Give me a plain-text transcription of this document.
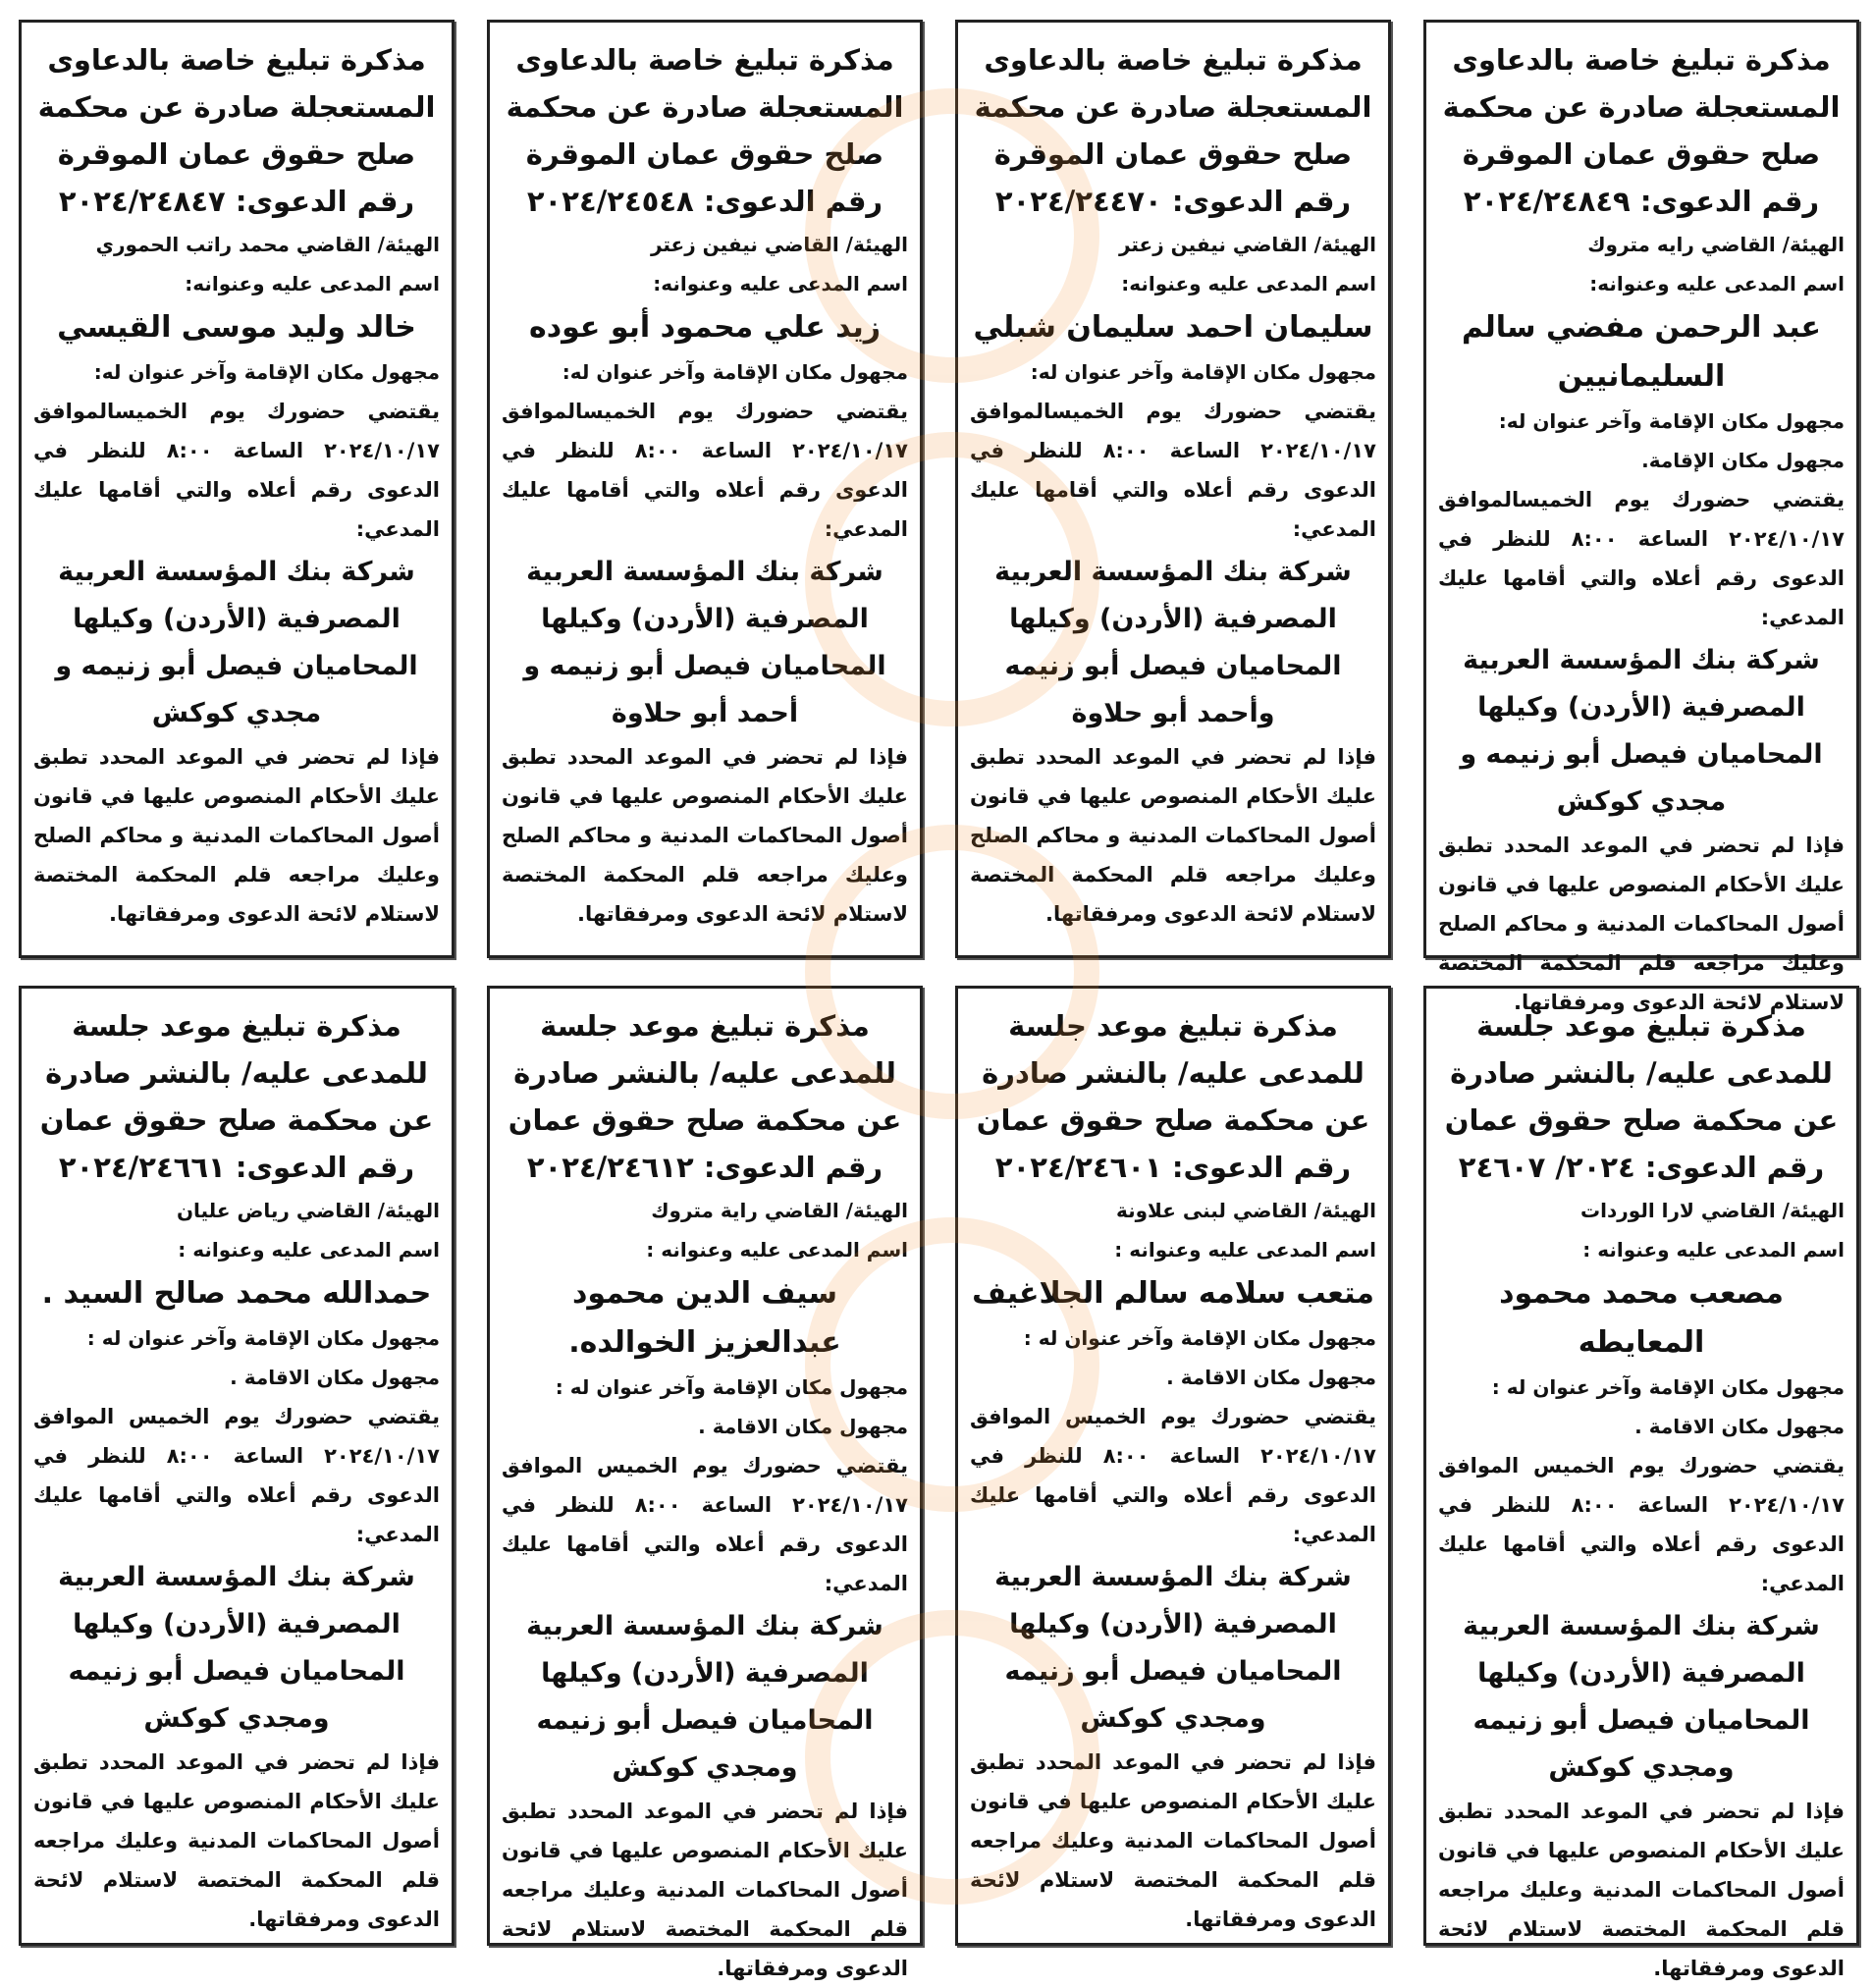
مذكرة تبليغ خاصة بالدعاوى المستعجلة صادرة عن محكمة صلح حقوق عمان الموقرة
رقم الدعوى: ٢٠٢٤/٢٤٨٤٩
الهيئة/ القاضي رايه متروك
اسم المدعى عليه وعنوانه:
عبد الرحمن مفضي سالم السليمانيين
مجهول مكان الإقامة وآخر عنوان له:
مجهول مكان الإقامة.
يقتضي حضورك يوم الخميسالموافق ٢٠٢٤/١٠/١٧ الساعة ٨:٠٠ للنظر في الدعوى رقم أعلاه والتي أقامها عليك المدعي:
شركة بنك المؤسسة العربية المصرفية (الأردن) وكيلها المحاميان فيصل أبو زنيمه و مجدي كوكش
فإذا لم تحضر في الموعد المحدد تطبق عليك الأحكام المنصوص عليها في قانون أصول المحاكمات المدنية و محاكم الصلح وعليك مراجعه قلم المحكمة المختصة لاستلام لائحة الدعوى ومرفقاتها.
مذكرة تبليغ خاصة بالدعاوى المستعجلة صادرة عن محكمة صلح حقوق عمان الموقرة
رقم الدعوى: ٢٠٢٤/٢٤٤٧٠
الهيئة/ القاضي نيفين زعتر
اسم المدعى عليه وعنوانه:
سليمان احمد سليمان شبلي
مجهول مكان الإقامة وآخر عنوان له:
يقتضي حضورك يوم الخميسالموافق ٢٠٢٤/١٠/١٧ الساعة ٨:٠٠ للنظر في الدعوى رقم أعلاه والتي أقامها عليك المدعي:
شركة بنك المؤسسة العربية المصرفية (الأردن) وكيلها المحاميان فيصل أبو زنيمه وأحمد أبو حلاوة
فإذا لم تحضر في الموعد المحدد تطبق عليك الأحكام المنصوص عليها في قانون أصول المحاكمات المدنية و محاكم الصلح وعليك مراجعه قلم المحكمة المختصة لاستلام لائحة الدعوى ومرفقاتها.
مذكرة تبليغ خاصة بالدعاوى المستعجلة صادرة عن محكمة صلح حقوق عمان الموقرة
رقم الدعوى: ٢٠٢٤/٢٤٥٤٨
الهيئة/ القاضي نيفين زعتر
اسم المدعى عليه وعنوانه:
زيد علي محمود أبو عوده
مجهول مكان الإقامة وآخر عنوان له:
يقتضي حضورك يوم الخميسالموافق ٢٠٢٤/١٠/١٧ الساعة ٨:٠٠ للنظر في الدعوى رقم أعلاه والتي أقامها عليك المدعي:
شركة بنك المؤسسة العربية المصرفية (الأردن) وكيلها المحاميان فيصل أبو زنيمه و أحمد أبو حلاوة
فإذا لم تحضر في الموعد المحدد تطبق عليك الأحكام المنصوص عليها في قانون أصول المحاكمات المدنية و محاكم الصلح وعليك مراجعه قلم المحكمة المختصة لاستلام لائحة الدعوى ومرفقاتها.
مذكرة تبليغ خاصة بالدعاوى المستعجلة صادرة عن محكمة صلح حقوق عمان الموقرة
رقم الدعوى: ٢٠٢٤/٢٤٨٤٧
الهيئة/ القاضي محمد راتب الحموري
اسم المدعى عليه وعنوانه:
خالد وليد موسى القيسي
مجهول مكان الإقامة وآخر عنوان له:
يقتضي حضورك يوم الخميسالموافق ٢٠٢٤/١٠/١٧ الساعة ٨:٠٠ للنظر في الدعوى رقم أعلاه والتي أقامها عليك المدعي:
شركة بنك المؤسسة العربية المصرفية (الأردن) وكيلها المحاميان فيصل أبو زنيمه و مجدي كوكش
فإذا لم تحضر في الموعد المحدد تطبق عليك الأحكام المنصوص عليها في قانون أصول المحاكمات المدنية و محاكم الصلح وعليك مراجعه قلم المحكمة المختصة لاستلام لائحة الدعوى ومرفقاتها.
مذكرة تبليغ موعد جلسة للمدعى عليه/ بالنشر صادرة عن محكمة صلح حقوق عمان
رقم الدعوى: ٢٠٢٤/ ٢٤٦٠٧
الهيئة/ القاضي لارا الوردات
اسم المدعى عليه وعنوانه :
مصعب محمد محمود المعايطه
مجهول مكان الإقامة وآخر عنوان له :
مجهول مكان الاقامة .
يقتضي حضورك يوم الخميس الموافق ٢٠٢٤/١٠/١٧ الساعة ٨:٠٠ للنظر في الدعوى رقم أعلاه والتي أقامها عليك المدعي:
شركة بنك المؤسسة العربية المصرفية (الأردن) وكيلها المحاميان فيصل أبو زنيمه ومجدي كوكش
فإذا لم تحضر في الموعد المحدد تطبق عليك الأحكام المنصوص عليها في قانون أصول المحاكمات المدنية وعليك مراجعه قلم المحكمة المختصة لاستلام لائحة الدعوى ومرفقاتها.
مذكرة تبليغ موعد جلسة للمدعى عليه/ بالنشر صادرة عن محكمة صلح حقوق عمان
رقم الدعوى: ٢٠٢٤/٢٤٦٠١
الهيئة/ القاضي لبنى علاونة
اسم المدعى عليه وعنوانه :
متعب سلامه سالم الجلاغيف
مجهول مكان الإقامة وآخر عنوان له :
مجهول مكان الاقامة .
يقتضي حضورك يوم الخميس الموافق ٢٠٢٤/١٠/١٧ الساعة ٨:٠٠ للنظر في الدعوى رقم أعلاه والتي أقامها عليك المدعي:
شركة بنك المؤسسة العربية المصرفية (الأردن) وكيلها المحاميان فيصل أبو زنيمه ومجدي كوكش
فإذا لم تحضر في الموعد المحدد تطبق عليك الأحكام المنصوص عليها في قانون أصول المحاكمات المدنية وعليك مراجعه قلم المحكمة المختصة لاستلام لائحة الدعوى ومرفقاتها.
مذكرة تبليغ موعد جلسة للمدعى عليه/ بالنشر صادرة عن محكمة صلح حقوق عمان
رقم الدعوى: ٢٠٢٤/٢٤٦١٢
الهيئة/ القاضي راية متروك
اسم المدعى عليه وعنوانه :
سيف الدين محمود عبدالعزيز الخوالده.
مجهول مكان الإقامة وآخر عنوان له :
مجهول مكان الاقامة .
يقتضي حضورك يوم الخميس الموافق ٢٠٢٤/١٠/١٧ الساعة ٨:٠٠ للنظر في الدعوى رقم أعلاه والتي أقامها عليك المدعي:
شركة بنك المؤسسة العربية المصرفية (الأردن) وكيلها المحاميان فيصل أبو زنيمه ومجدي كوكش
فإذا لم تحضر في الموعد المحدد تطبق عليك الأحكام المنصوص عليها في قانون أصول المحاكمات المدنية وعليك مراجعه قلم المحكمة المختصة لاستلام لائحة الدعوى ومرفقاتها.
مذكرة تبليغ موعد جلسة للمدعى عليه/ بالنشر صادرة عن محكمة صلح حقوق عمان
رقم الدعوى: ٢٠٢٤/٢٤٦٦١
الهيئة/ القاضي رياض عليان
اسم المدعى عليه وعنوانه :
حمدالله محمد صالح السيد .
مجهول مكان الإقامة وآخر عنوان له :
مجهول مكان الاقامة .
يقتضي حضورك يوم الخميس الموافق ٢٠٢٤/١٠/١٧ الساعة ٨:٠٠ للنظر في الدعوى رقم أعلاه والتي أقامها عليك المدعي:
شركة بنك المؤسسة العربية المصرفية (الأردن) وكيلها المحاميان فيصل أبو زنيمه ومجدي كوكش
فإذا لم تحضر في الموعد المحدد تطبق عليك الأحكام المنصوص عليها في قانون أصول المحاكمات المدنية وعليك مراجعه قلم المحكمة المختصة لاستلام لائحة الدعوى ومرفقاتها.
